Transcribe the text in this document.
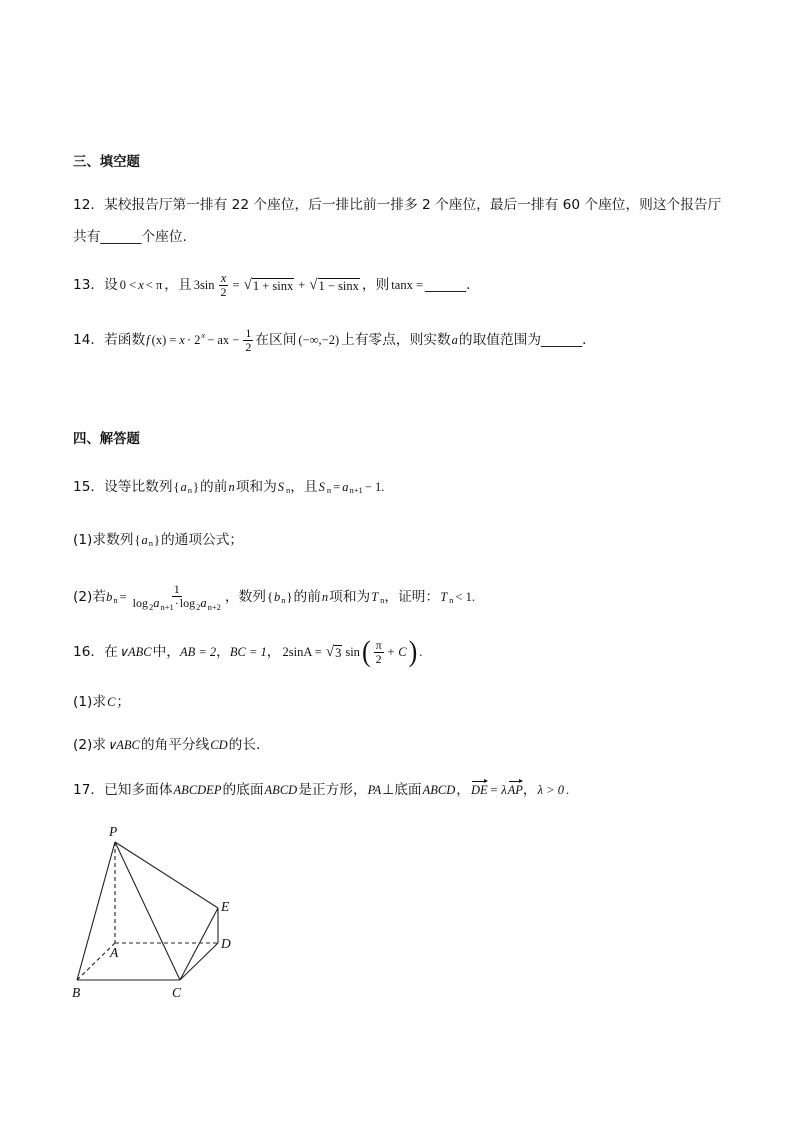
三、填空题
12．某校报告厅第一排有 22 个座位，后一排比前一排多 2 个座位，最后一排有 60 个座位，则这个报告厅
共有______个座位.
13．设 0 < x < π ，且 $3\sin \frac{x}{2}$ = √ 1 + sinx + √ 1 − sinx ，则 tanx = ______.
14．若函数 f (x) = x · 2 x − ax − $\frac{1}{2}$ 在区间 (−∞,−2) 上有零点，则实数 a 的取值范围为______．
四、解答题
15．设等比数列 { a n } 的前 n 项和为 S n ，且 S n = a n+1 − 1.
(1)求数列 { a n } 的通项公式；
(2)若 b $n = \frac{1}{\text{log 2 a n+1 · log 2 a n+2}}$ ，数列 { b n } 的前 n 项和为 T n ，证明： T n < 1.
16．在 ∨ABC 中， AB = 2 ， BC = 1 ， 2sinA = √ 3 sin ( $\frac{\pi}{2} + C$ ) .
(1)求 C ；
(2)求 ∨ABC 的角平分线 CD 的长.
17．已知多面体 ABCDEP 的底面 ABCD 是正方形， PA ⊥底面 ABCD ， DE = λ AP ， λ > 0 .
P
E
A
D
B	C
